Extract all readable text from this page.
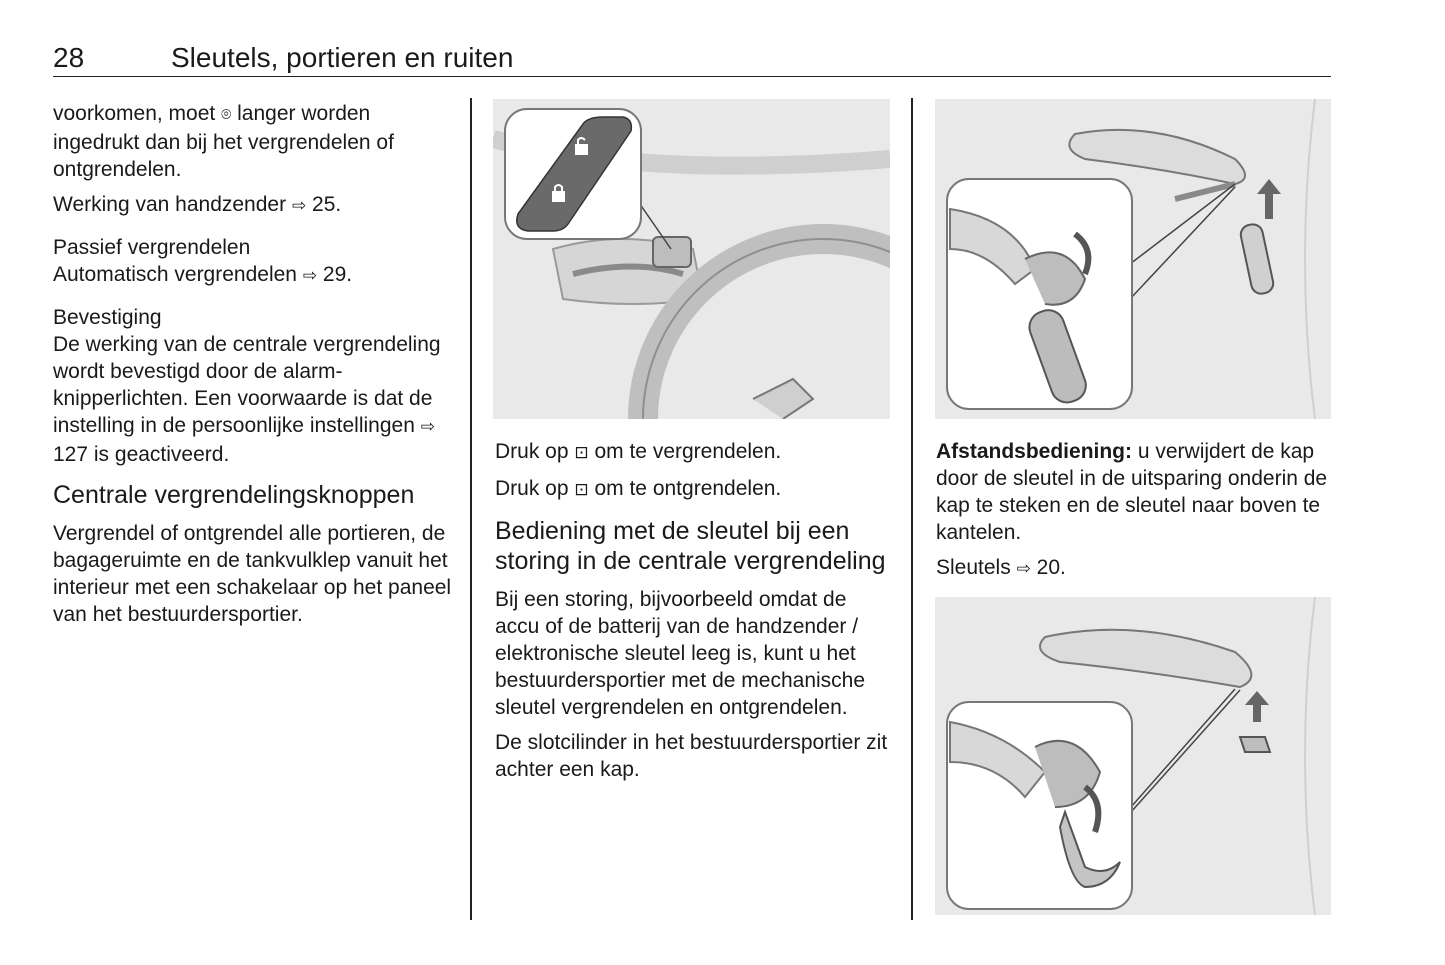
28	Sleutels, portieren en ruiten

voorkomen, moet ⌾ langer worden ingedrukt dan bij het vergrendelen of ontgrendelen.

Werking van handzender ⇨ 25.

Passief vergrendelen
Automatisch vergrendelen ⇨ 29.

Bevestiging
De werking van de centrale vergrendeling wordt bevestigd door de alarmknipperlichten. Een voorwaarde is dat de instelling in de persoonlijke instellingen ⇨ 127 is geactiveerd.

Centrale vergrendelingsknoppen

Vergrendel of ontgrendel alle portieren, de bagageruimte en de tankvulklep vanuit het interieur met een schakelaar op het paneel van het bestuurdersportier.

Druk op ⊡ om te vergrendelen.

Druk op ⊡ om te ontgrendelen.

Bediening met de sleutel bij een storing in de centrale vergrendeling

Bij een storing, bijvoorbeeld omdat de accu of de batterij van de handzender / elektronische sleutel leeg is, kunt u het bestuurdersportier met de mechanische sleutel vergrendelen en ontgrendelen.

De slotcilinder in het bestuurdersportier zit achter een kap.

Afstandsbediening: u verwijdert de kap door de sleutel in de uitsparing onderin de kap te steken en de sleutel naar boven te kantelen.

Sleutels ⇨ 20.
